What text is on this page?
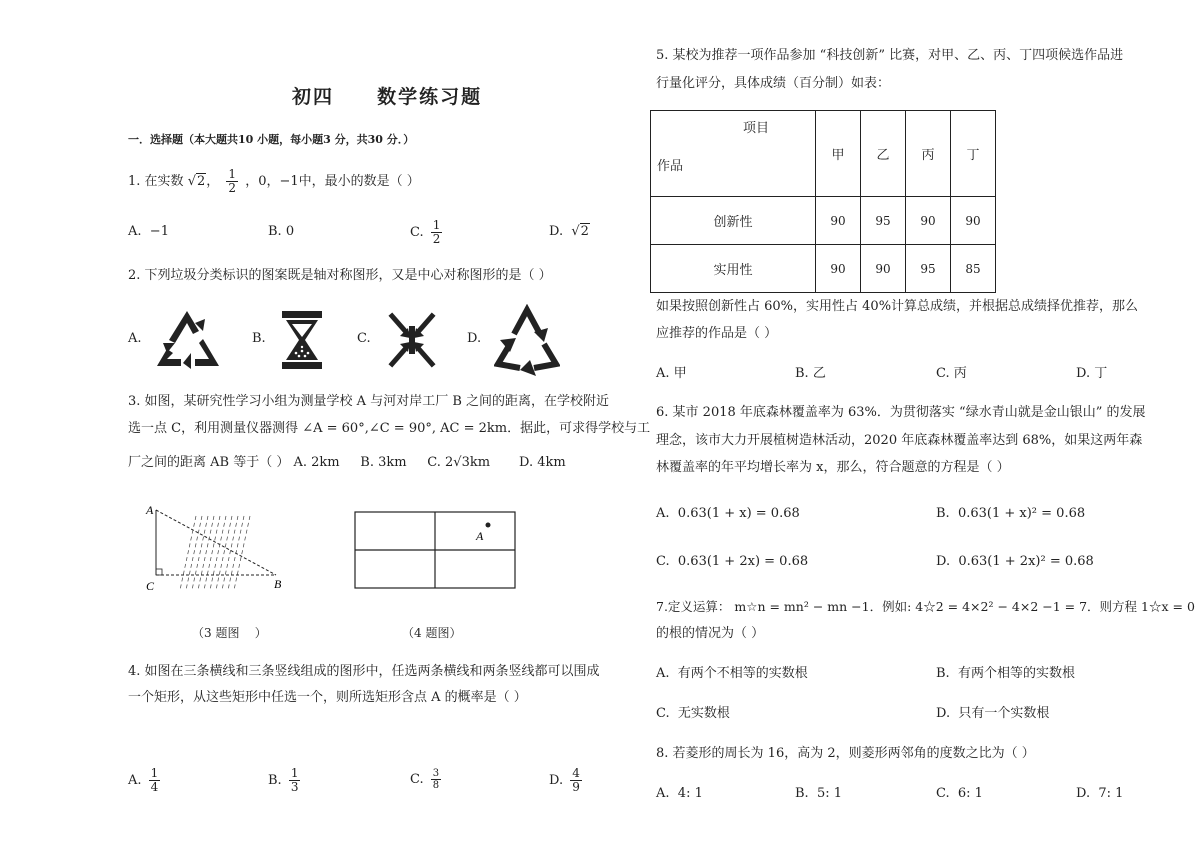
初四     数学练习题
一．选择题（本大题共10 小题，每小题3 分，共30 分．）
1. 在实数 √2， $\frac{1}{2}$ ，0，−1中，最小的数是（ ）
A. −1	B. 0	C. $\frac{1}{2}$	D. √2
2. 下列垃圾分类标识的图案既是轴对称图形，又是中心对称图形的是（ ）
A.	B.	C.	D.
3. 如图，某研究性学习小组为测量学校 A 与河对岸工厂 B 之间的距离，在学校附近
选一点 C，利用测量仪器测得 ∠A = 60°,∠C = 90°, AC = 2km．据此，可求得学校与工
厂之间的距离 AB 等于（ ） A. 2km B. 3km C. 2√3km D. 4km
A
C	B
（3 题图    ）
A
（4 题图）
4. 如图在三条横线和三条竖线组成的图形中，任选两条横线和两条竖线都可以围成
一个矩形，从这些矩形中任选一个，则所选矩形含点 A 的概率是（ ）
A. $\frac{1}{4}$	B. $\frac{1}{3}$	C. $\frac{3}{8}$	D. $\frac{4}{9}$
5. 某校为推荐一项作品参加 “科技创新” 比赛，对甲、乙、丙、丁四项候选作品进
行量化评分，具体成绩（百分制）如表：
项目
作品	甲	乙	丙	丁
创新性	90	95	90	90
实用性	90	90	95	85
如果按照创新性占 60%，实用性占 40%计算总成绩，并根据总成绩择优推荐，那么
应推荐的作品是（ ）
A. 甲	B. 乙	C. 丙	D. 丁
6. 某市 2018 年底森林覆盖率为 63%．为贯彻落实 “绿水青山就是金山银山” 的发展
理念，该市大力开展植树造林活动，2020 年底森林覆盖率达到 68%，如果这两年森
林覆盖率的年平均增长率为 x，那么，符合题意的方程是（ ）
A. 0.63(1 + x) = 0.68	B. 0.63(1 + x)² = 0.68
C. 0.63(1 + 2x) = 0.68	D. 0.63(1 + 2x)² = 0.68
7.定义运算： m☆n = mn² − mn −1．例如: 4☆2 = 4×2² − 4×2 −1 = 7．则方程 1☆x = 0
的根的情况为（ ）
A. 有两个不相等的实数根	B. 有两个相等的实数根
C. 无实数根	D. 只有一个实数根
8. 若菱形的周长为 16，高为 2，则菱形两邻角的度数之比为（ ）
A. 4: 1	B. 5: 1	C. 6: 1	D. 7: 1
